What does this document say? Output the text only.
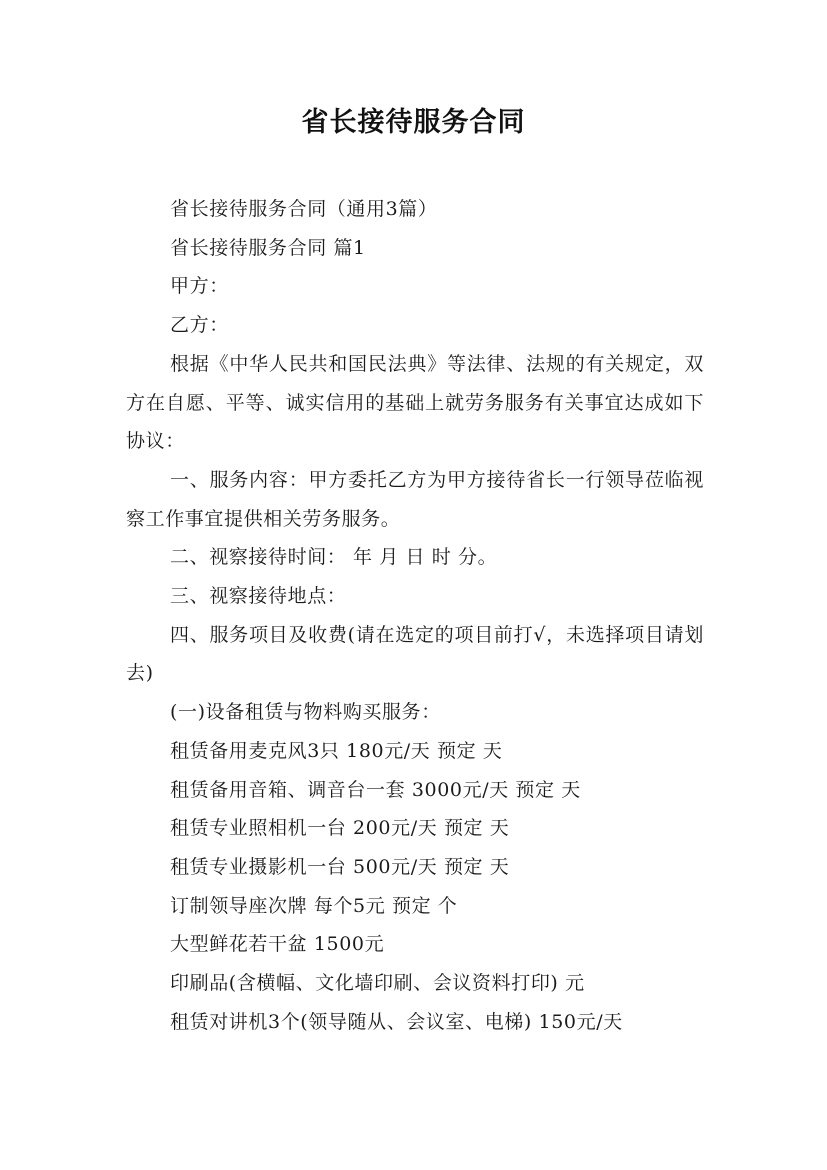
省长接待服务合同

省长接待服务合同（通用3篇）

省长接待服务合同 篇1

甲方：

乙方：

根据《中华人民共和国民法典》等法律、法规的有关规定，双方在自愿、平等、诚实信用的基础上就劳务服务有关事宜达成如下协议：

一、服务内容：甲方委托乙方为甲方接待省长一行领导莅临视察工作事宜提供相关劳务服务。

二、视察接待时间： 年 月 日 时 分。

三、视察接待地点：

四、服务项目及收费(请在选定的项目前打√，未选择项目请划去)

(一)设备租赁与物料购买服务：

租赁备用麦克风3只 180元/天 预定 天

租赁备用音箱、调音台一套 3000元/天 预定 天

租赁专业照相机一台 200元/天 预定 天

租赁专业摄影机一台 500元/天 预定 天

订制领导座次牌 每个5元 预定 个

大型鲜花若干盆 1500元

印刷品(含横幅、文化墙印刷、会议资料打印) 元

租赁对讲机3个(领导随从、会议室、电梯) 150元/天
